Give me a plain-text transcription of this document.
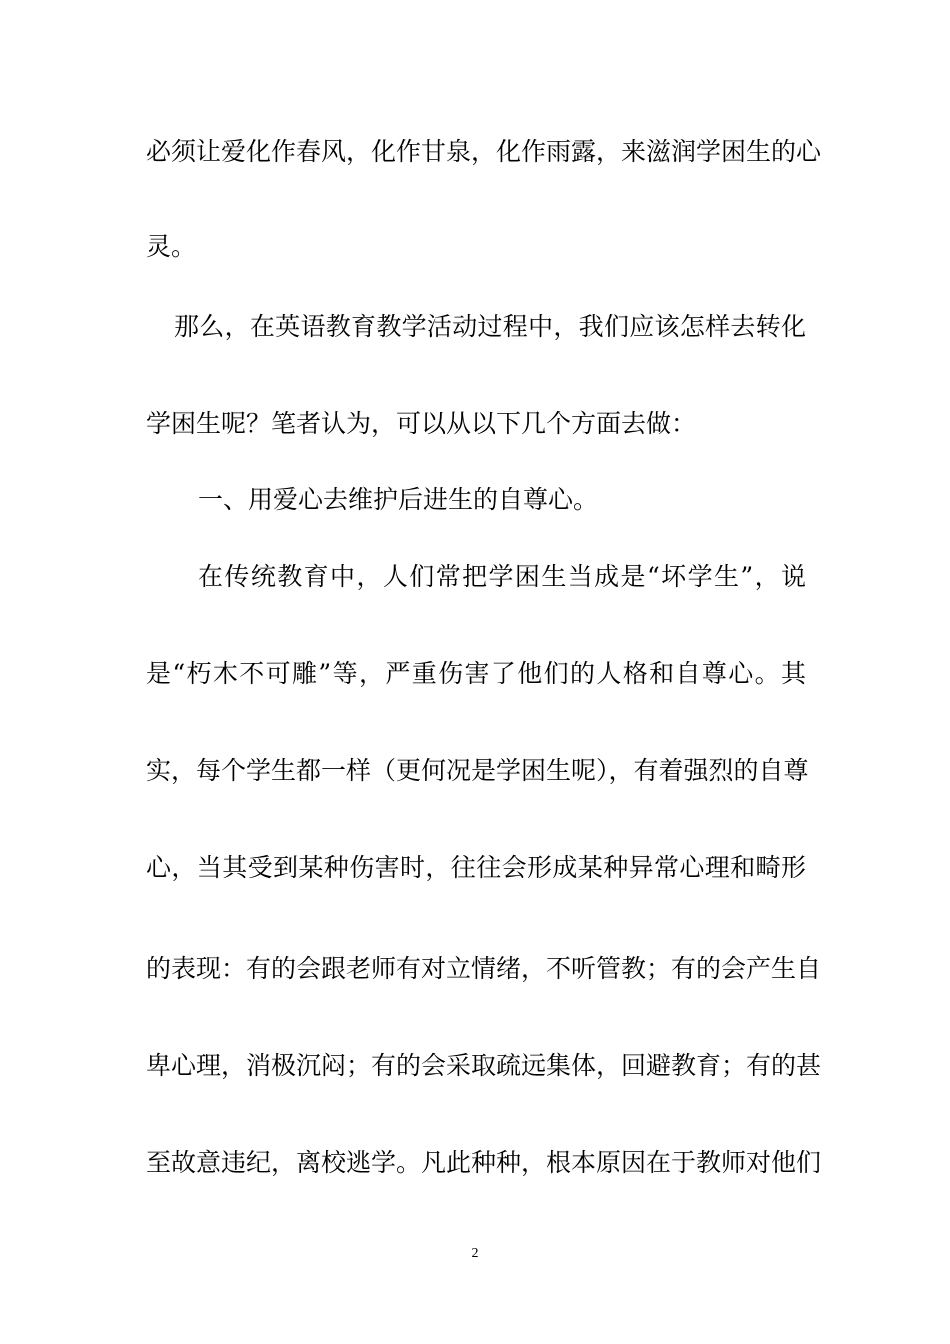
必须让爱化作春风，化作甘泉，化作雨露，来滋润学困生的心
灵。
那么，在英语教育教学活动过程中，我们应该怎样去转化
学困生呢？笔者认为，可以从以下几个方面去做：
一、用爱心去维护后进生的自尊心。
在传统教育中，人们常把学困生当成是“坏学生”，说
是“朽木不可雕”等，严重伤害了他们的人格和自尊心。其
实，每个学生都一样（更何况是学困生呢），有着强烈的自尊
心，当其受到某种伤害时，往往会形成某种异常心理和畸形
的表现：有的会跟老师有对立情绪，不听管教；有的会产生自
卑心理，消极沉闷；有的会采取疏远集体，回避教育；有的甚
至故意违纪，离校逃学。凡此种种，根本原因在于教师对他们
2
